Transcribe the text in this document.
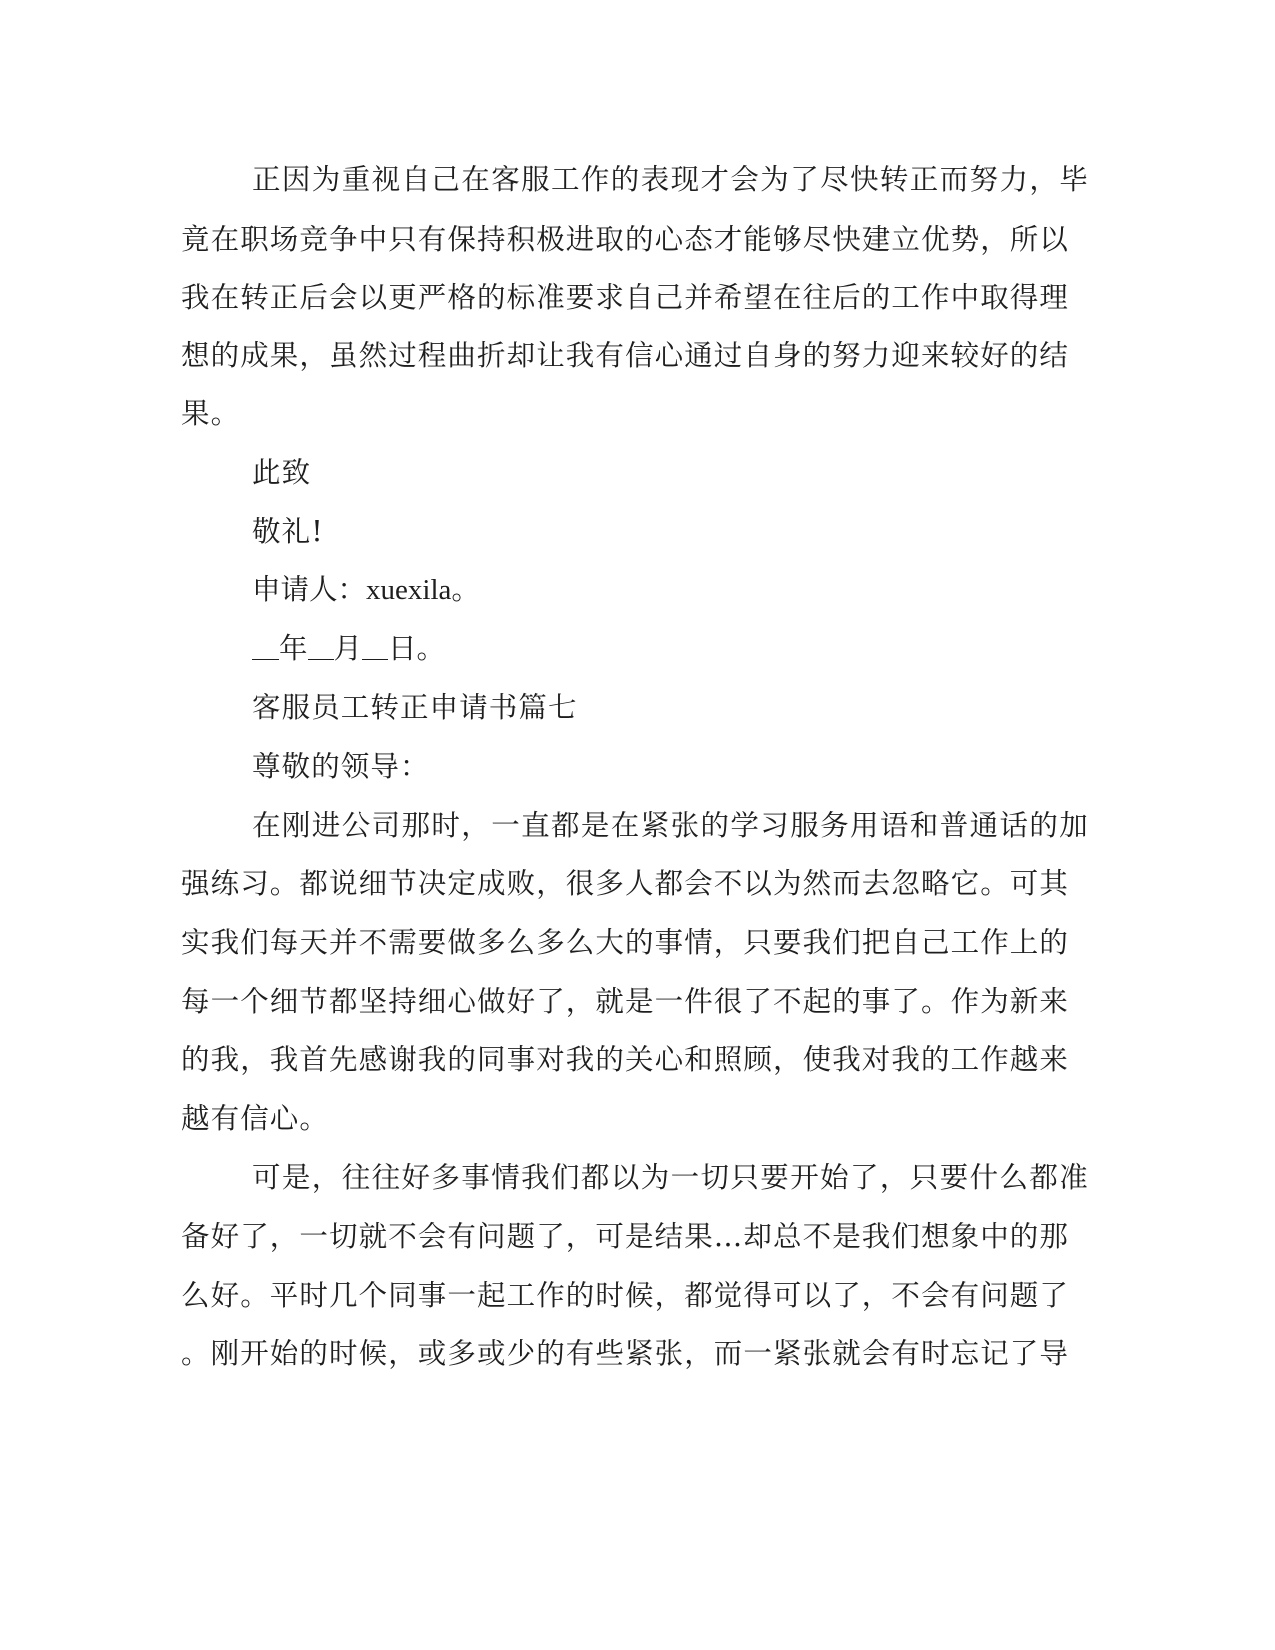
正因为重视自己在客服工作的表现才会为了尽快转正而努力，毕
竟在职场竞争中只有保持积极进取的心态才能够尽快建立优势，所以
我在转正后会以更严格的标准要求自己并希望在往后的工作中取得理
想的成果，虽然过程曲折却让我有信心通过自身的努力迎来较好的结
果。
此致
敬礼!
申请人：xuexila。
年 月 日。
客服员工转正申请书篇七
尊敬的领导：
在刚进公司那时，一直都是在紧张的学习服务用语和普通话的加
强练习。都说细节决定成败，很多人都会不以为然而去忽略它。可其
实我们每天并不需要做多么多么大的事情，只要我们把自己工作上的
每一个细节都坚持细心做好了，就是一件很了不起的事了。作为新来
的我，我首先感谢我的同事对我的关心和照顾，使我对我的工作越来
越有信心。
可是，往往好多事情我们都以为一切只要开始了，只要什么都准
备好了，一切就不会有问题了，可是结果…却总不是我们想象中的那
么好。平时几个同事一起工作的时候，都觉得可以了，不会有问题了
。刚开始的时候，或多或少的有些紧张，而一紧张就会有时忘记了导
